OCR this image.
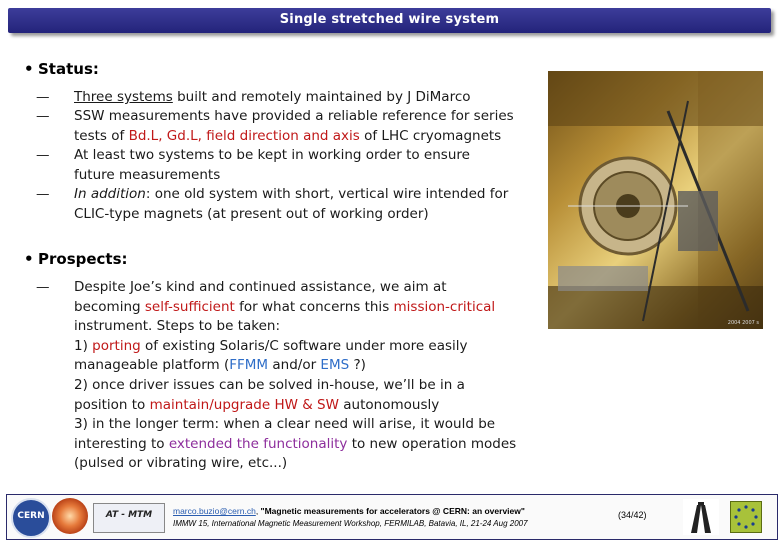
Single stretched wire system
• Status:
— Three systems built and remotely maintained by J DiMarco
— SSW measurements have provided a reliable reference for series
tests of Bd.L, Gd.L, field direction and axis of LHC cryomagnets
— At least two systems to be kept in working order to ensure
future measurements
— In addition: one old system with short, vertical wire intended for
CLIC-type magnets (at present out of working order)
• Prospects:
— Despite Joe’s kind and continued assistance, we aim at
becoming self-sufficient for what concerns this mission-critical
instrument. Steps to be taken:
1) porting of existing Solaris/C software under more easily
manageable platform (FFMM and/or EMS ?)
2) once driver issues can be solved in-house, we’ll be in a
position to maintain/upgrade HW & SW autonomously
3) in the longer term: when a clear need will arise, it would be
interesting to extended the functionality to new operation modes
(pulsed or vibrating wire, etc...)
2004 2007 s
CERN	AT - MTM	marco.buzio@cern.ch, "Magnetic measurements for accelerators @ CERN: an overview"
IMMW 15, International Magnetic Measurement Workshop, FERMILAB, Batavia, IL, 21-24 Aug 2007
(34/42)
